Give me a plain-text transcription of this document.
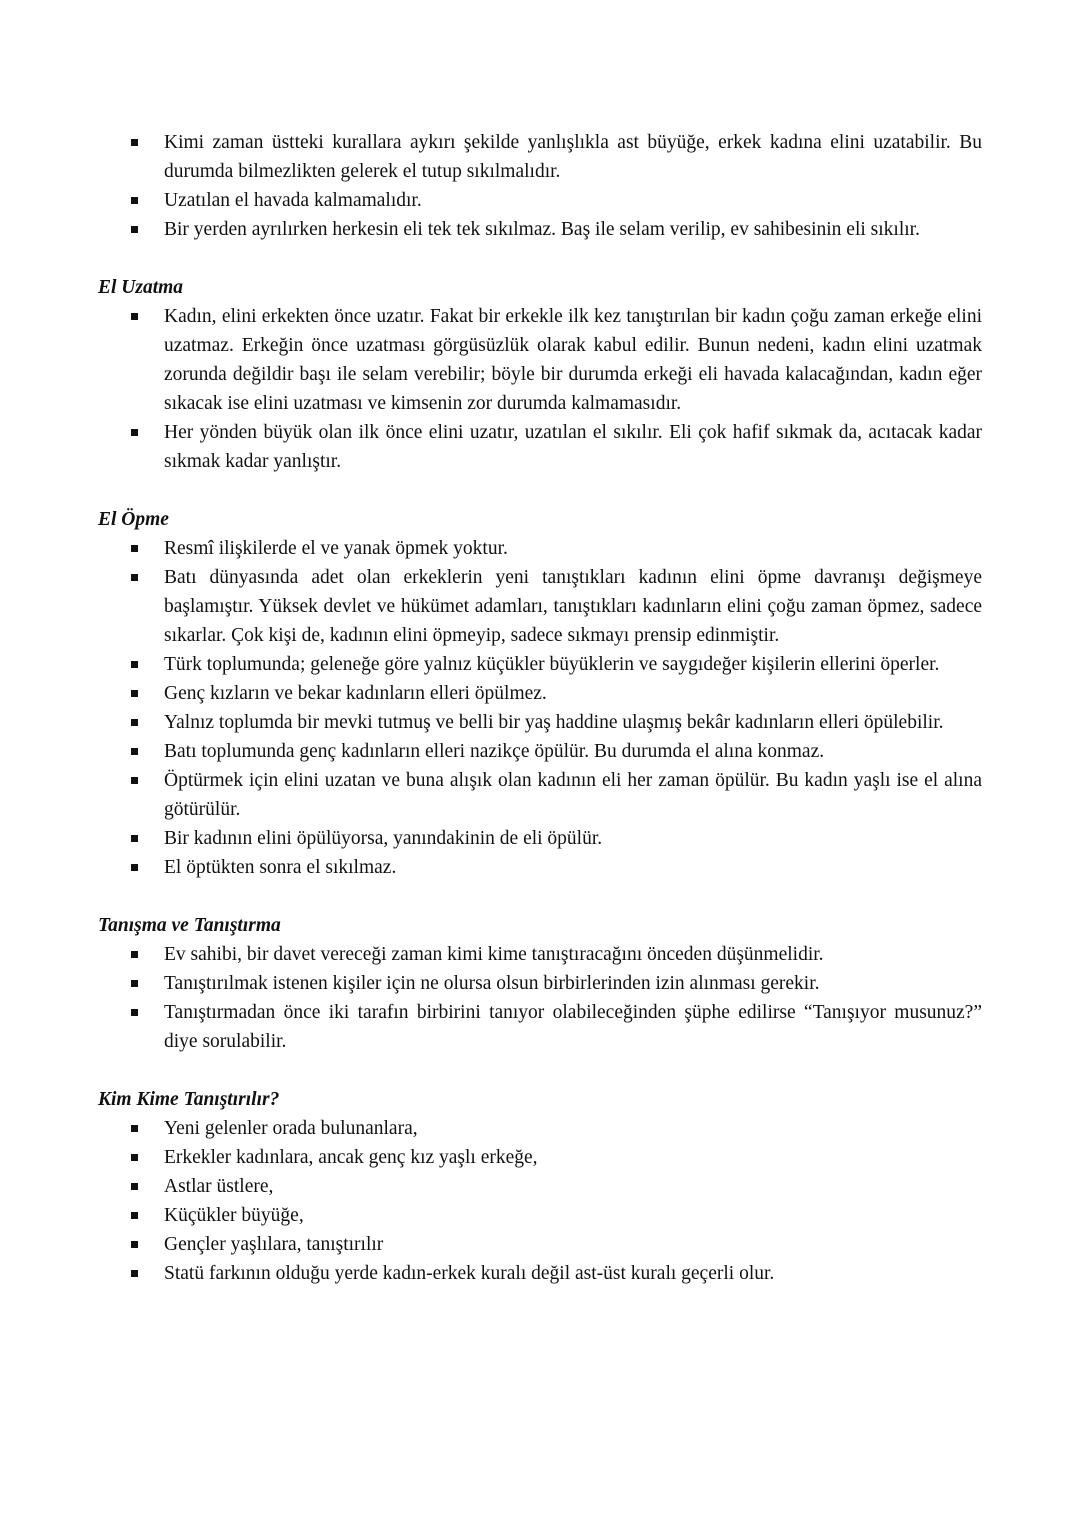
Kimi zaman üstteki kurallara aykırı şekilde yanlışlıkla ast büyüğe, erkek kadına elini uzatabilir. Bu durumda bilmezlikten gelerek el tutup sıkılmalıdır.
Uzatılan el havada kalmamalıdır.
Bir yerden ayrılırken herkesin eli tek tek sıkılmaz. Baş ile selam verilip, ev sahibesinin eli sıkılır.
El Uzatma
Kadın, elini erkekten önce uzatır. Fakat bir erkekle ilk kez tanıştırılan bir kadın çoğu zaman erkeğe elini uzatmaz. Erkeğin önce uzatması görgüsüzlük olarak kabul edilir. Bunun nedeni, kadın elini uzatmak zorunda değildir başı ile selam verebilir; böyle bir durumda erkeği eli havada kalacağından, kadın eğer sıkacak ise elini uzatması ve kimsenin zor durumda kalmamasıdır.
Her yönden büyük olan ilk önce elini uzatır, uzatılan el sıkılır. Eli çok hafif sıkmak da, acıtacak kadar sıkmak kadar yanlıştır.
El Öpme
Resmî ilişkilerde el ve yanak öpmek yoktur.
Batı dünyasında adet olan erkeklerin yeni tanıştıkları kadının elini öpme davranışı değişmeye başlamıştır. Yüksek devlet ve hükümet adamları, tanıştıkları kadınların elini çoğu zaman öpmez, sadece sıkarlar. Çok kişi de, kadının elini öpmeyip, sadece sıkmayı prensip edinmiştir.
Türk toplumunda; geleneğe göre yalnız küçükler büyüklerin ve saygıdeğer kişilerin ellerini öperler.
Genç kızların ve bekar kadınların elleri öpülmez.
Yalnız toplumda bir mevki tutmuş ve belli bir yaş haddine ulaşmış bekâr kadınların elleri öpülebilir.
Batı toplumunda genç kadınların elleri nazikçe öpülür. Bu durumda el alına konmaz.
Öptürmek için elini uzatan ve buna alışık olan kadının eli her zaman öpülür. Bu kadın yaşlı ise el alına götürülür.
Bir kadının elini öpülüyorsa, yanındakinin de eli öpülür.
El öptükten sonra el sıkılmaz.
Tanışma ve Tanıştırma
Ev sahibi, bir davet vereceği zaman kimi kime tanıştıracağını önceden düşünmelidir.
Tanıştırılmak istenen kişiler için ne olursa olsun birbirlerinden izin alınması gerekir.
Tanıştırmadan önce iki tarafın birbirini tanıyor olabileceğinden şüphe edilirse “Tanışıyor musunuz?” diye sorulabilir.
Kim Kime Tanıştırılır?
Yeni gelenler orada bulunanlara,
Erkekler kadınlara, ancak genç kız yaşlı erkeğe,
Astlar üstlere,
Küçükler büyüğe,
Gençler yaşlılara, tanıştırılır
Statü farkının olduğu yerde kadın-erkek kuralı değil ast-üst kuralı geçerli olur.
